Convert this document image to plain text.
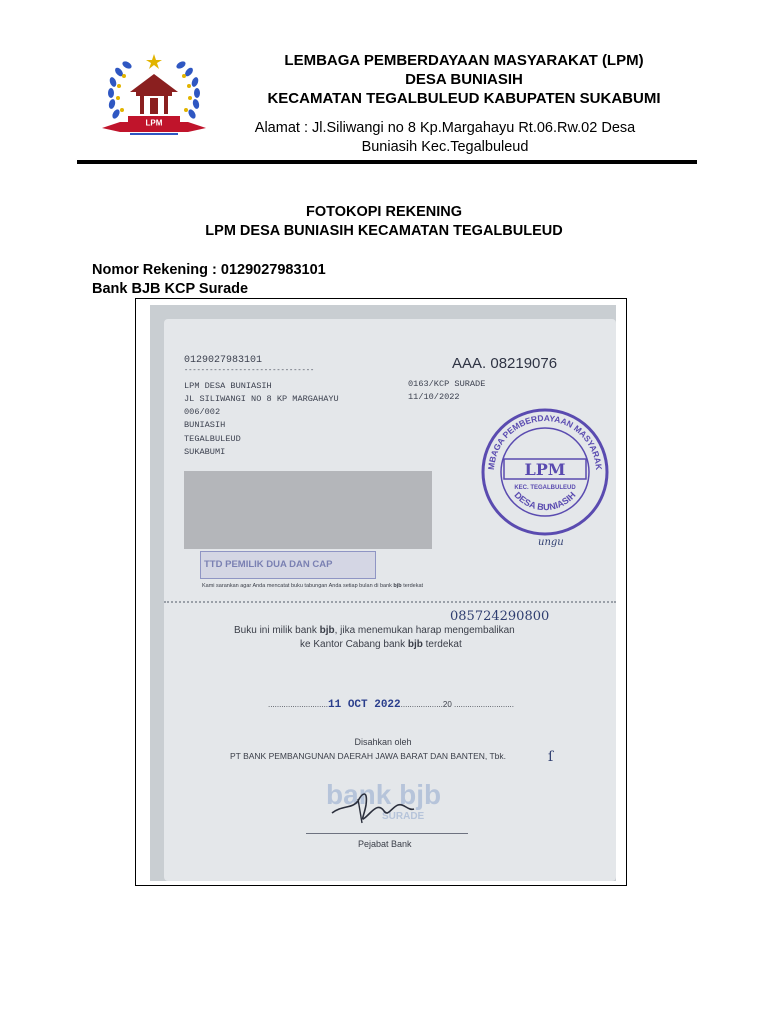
LPM
LEMBAGA PEMBERDAYAAN MASYARAKAT (LPM)
DESA BUNIASIH
KECAMATAN TEGALBULEUD KABUPATEN SUKABUMI
Alamat : Jl.Siliwangi no 8 Kp.Margahayu Rt.06.Rw.02 Desa
Buniasih Kec.Tegalbuleud
FOTOKOPI REKENING
LPM DESA BUNIASIH KECAMATAN TEGALBULEUD
Nomor Rekening : 0129027983101
Bank BJB KCP Surade
0129027983101
-------------------------------
LPM DESA BUNIASIH
JL SILIWANGI NO 8 KP MARGAHAYU
006/002
BUNIASIH
TEGALBULEUD
SUKABUMI
AAA. 08219076
0163/KCP SURADE
11/10/2022
MBAGA PEMBERDAYAAN MASYARAK
LPM
KEC. TEGALBULEUD
DESA BUNIASIH
ungu
TTD PEMILIK DUA DAN CAP
Kami sarankan agar Anda mencatat buku tabungan Anda setiap bulan di bank bjb terdekat
085724290800
Buku ini milik bank bjb, jika menemukan harap mengembalikan
ke Kantor Cabang bank bjb terdekat
...........................11 OCT 2022...................20 ...........................
Disahkan oleh
PT BANK PEMBANGUNAN DAERAH JAWA BARAT DAN BANTEN, Tbk.	ſ
bank bjb
SURADE
Pejabat Bank
